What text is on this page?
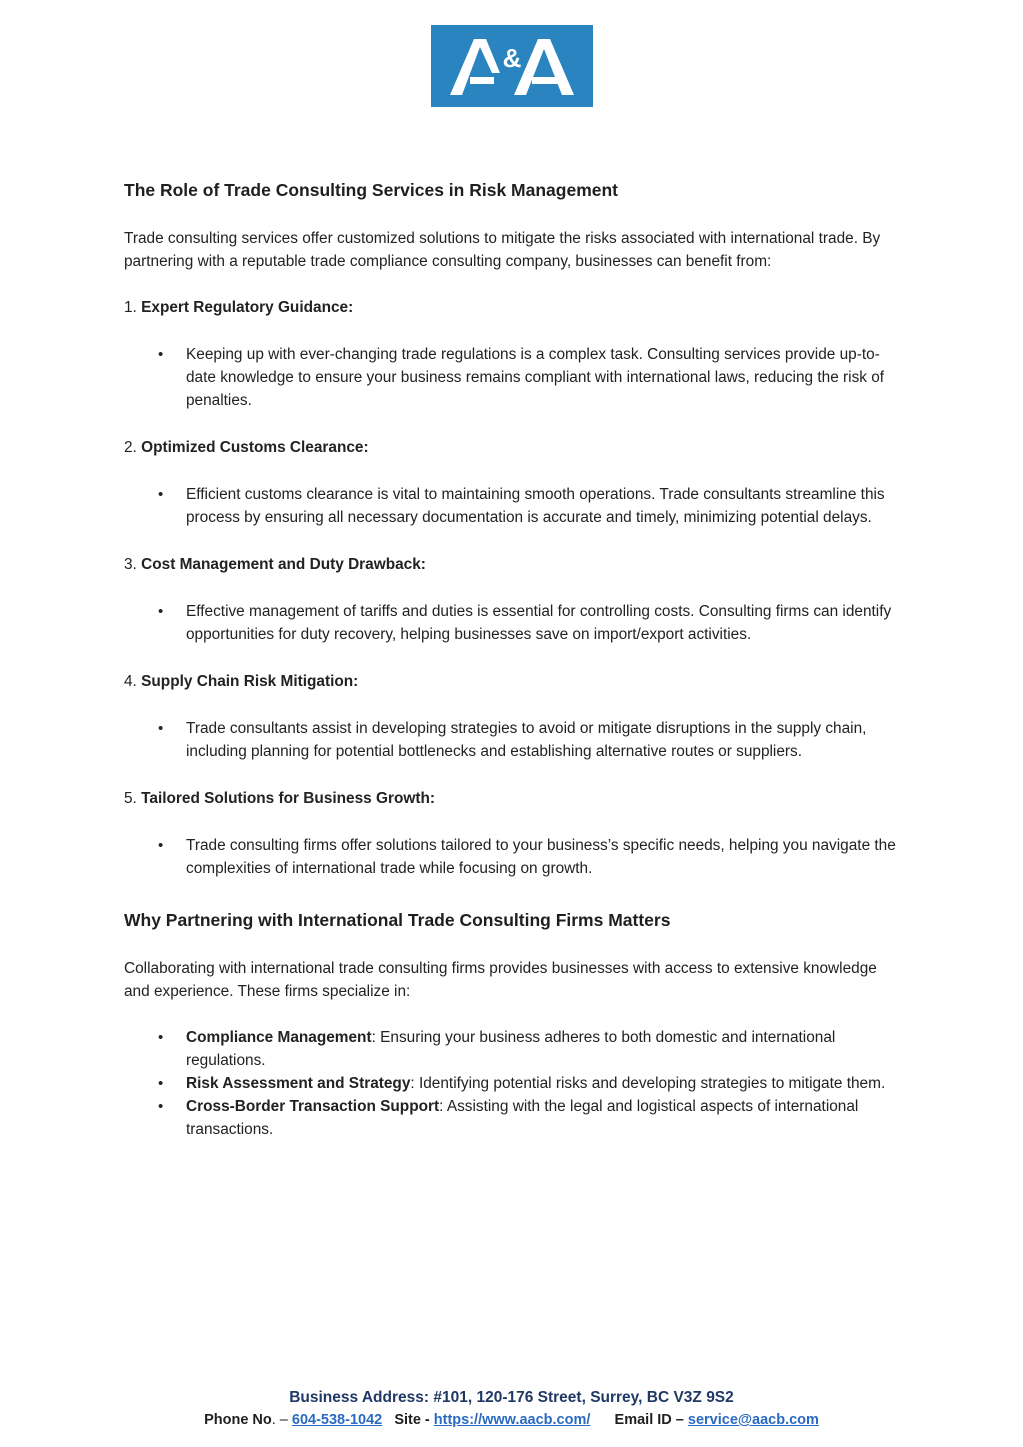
&
The Role of Trade Consulting Services in Risk Management

Trade consulting services offer customized solutions to mitigate the risks associated with international trade. By partnering with a reputable trade compliance consulting company, businesses can benefit from:

1. Expert Regulatory Guidance:

• Keeping up with ever-changing trade regulations is a complex task. Consulting services provide up-to-date knowledge to ensure your business remains compliant with international laws, reducing the risk of penalties.

2. Optimized Customs Clearance:

• Efficient customs clearance is vital to maintaining smooth operations. Trade consultants streamline this process by ensuring all necessary documentation is accurate and timely, minimizing potential delays.

3. Cost Management and Duty Drawback:

• Effective management of tariffs and duties is essential for controlling costs. Consulting firms can identify opportunities for duty recovery, helping businesses save on import/export activities.

4. Supply Chain Risk Mitigation:

• Trade consultants assist in developing strategies to avoid or mitigate disruptions in the supply chain, including planning for potential bottlenecks and establishing alternative routes or suppliers.

5. Tailored Solutions for Business Growth:

• Trade consulting firms offer solutions tailored to your business’s specific needs, helping you navigate the complexities of international trade while focusing on growth.
Why Partnering with International Trade Consulting Firms Matters

Collaborating with international trade consulting firms provides businesses with access to extensive knowledge and experience. These firms specialize in:

• Compliance Management: Ensuring your business adheres to both domestic and international regulations.
• Risk Assessment and Strategy: Identifying potential risks and developing strategies to mitigate them.
• Cross-Border Transaction Support: Assisting with the legal and logistical aspects of international transactions.
Business Address: #101, 120-176 Street, Surrey, BC V3Z 9S2
Phone No. – 604-538-1042 Site - https://www.aacb.com/ Email ID – service@aacb.com
